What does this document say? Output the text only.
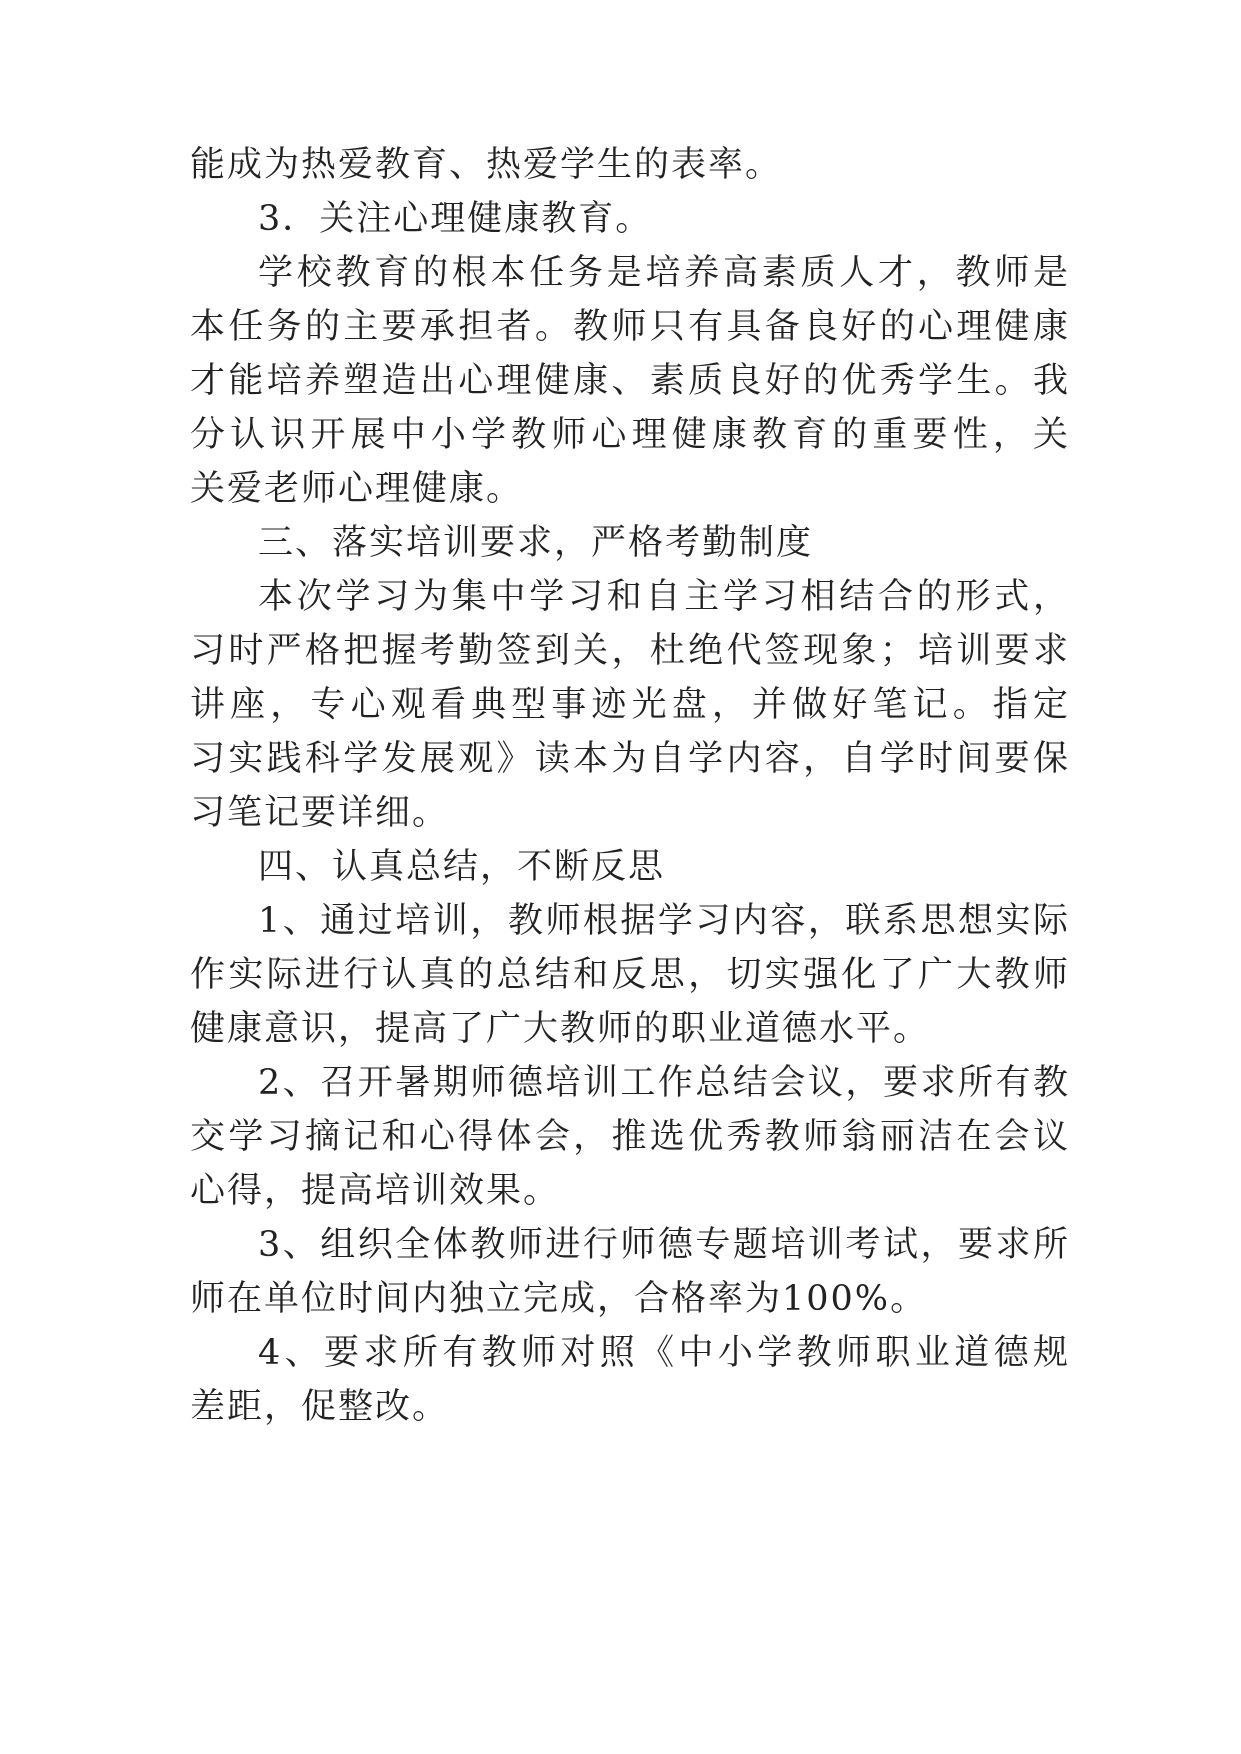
能成为热爱教育、热爱学生的表率。
3．关注心理健康教育。
学校教育的根本任务是培养高素质人才，教师是
本任务的主要承担者。教师只有具备良好的心理健康
才能培养塑造出心理健康、素质良好的优秀学生。我
分认识开展中小学教师心理健康教育的重要性，关
关爱老师心理健康。
三、落实培训要求，严格考勤制度
本次学习为集中学习和自主学习相结合的形式，
习时严格把握考勤签到关，杜绝代签现象；培训要求
讲座，专心观看典型事迹光盘，并做好笔记。指定
习实践科学发展观》读本为自学内容，自学时间要保
习笔记要详细。
四、认真总结，不断反思
1、通过培训，教师根据学习内容，联系思想实际
作实际进行认真的总结和反思，切实强化了广大教师
健康意识，提高了广大教师的职业道德水平。
2、召开暑期师德培训工作总结会议，要求所有教
交学习摘记和心得体会，推选优秀教师翁丽洁在会议
心得，提高培训效果。
3、组织全体教师进行师德专题培训考试，要求所
师在单位时间内独立完成，合格率为100%。
4、要求所有教师对照《中小学教师职业道德规
差距，促整改。
